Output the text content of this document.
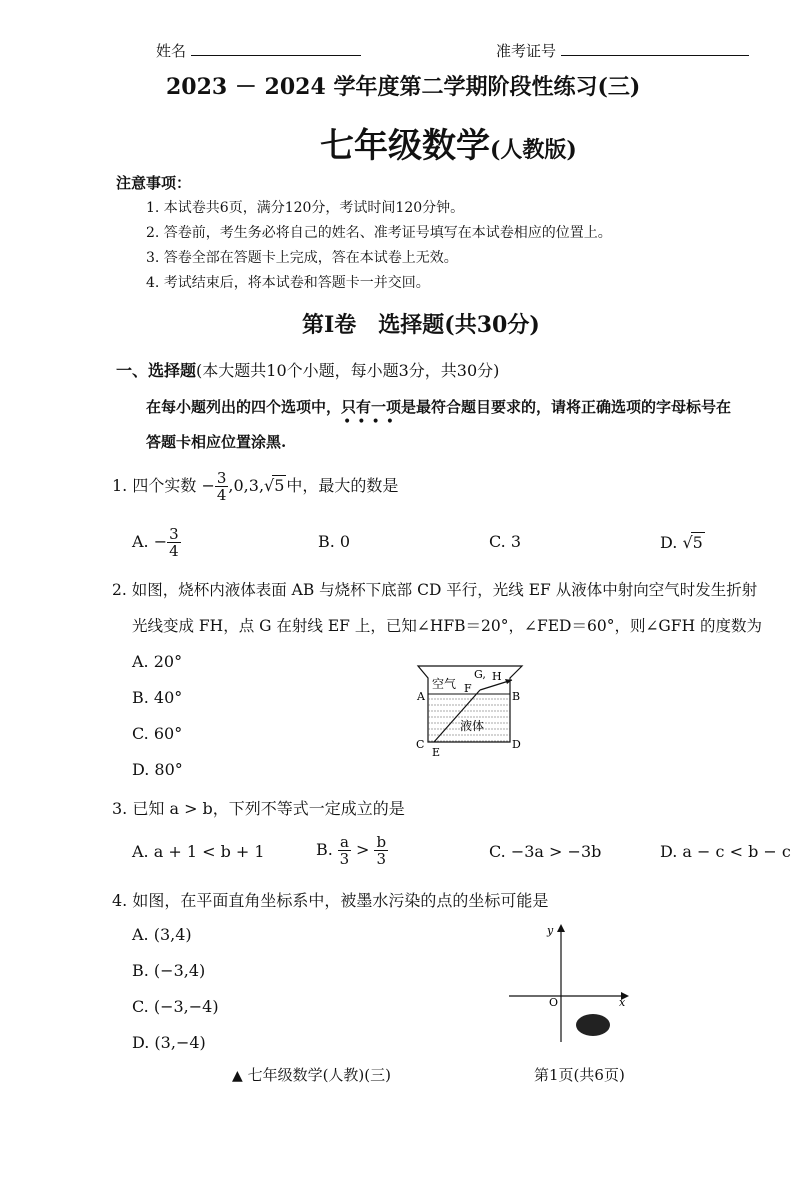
姓名	准考证号
2023 － 2024 学年度第二学期阶段性练习(三)
七年级数学(人教版)
注意事项：
1. 本试卷共6页，满分120分，考试时间120分钟。
2. 答卷前，考生务必将自己的姓名、准考证号填写在本试卷相应的位置上。
3. 答卷全部在答题卡上完成，答在本试卷上无效。
4. 考试结束后，将本试卷和答题卡一并交回。
第Ⅰ卷　选择题(共30分)
一、选择题(本大题共10个小题，每小题3分，共30分)
在每小题列出的四个选项中，只有一项是最符合题目要求的，请将正确选项的字母标号在
••••
答题卡相应位置涂黑.
1. 四个实数 − $\frac{3}{4} ,0,3,√5$ 中，最大的数是
A. − $\frac{3}{4}$	B. 0	C. 3	D. √5
2. 如图，烧杯内液体表面 AB 与烧杯下底部 CD 平行，光线 EF 从液体中射向空气时发生折射
光线变成 FH，点 G 在射线 EF 上，已知∠HFB＝20°，∠FED＝60°，则∠GFH 的度数为
A. 20°
B. 40°
C. 60°
D. 80°
空气
液体
A	B
C	D
E
F
G, H
3. 已知 a > b，下列不等式一定成立的是
A. a + 1 < b + 1	B. $\frac{a}{3} > \frac{b}{3}$	C. −3a > −3b	D. a − c < b − c
4. 如图，在平面直角坐标系中，被墨水污染的点的坐标可能是
A. (3,4)
B. (−3,4)
C. (−3,−4)
D. (3,−4)
y
x
O
▲ 七年级数学(人教)(三)	第1页(共6页)
